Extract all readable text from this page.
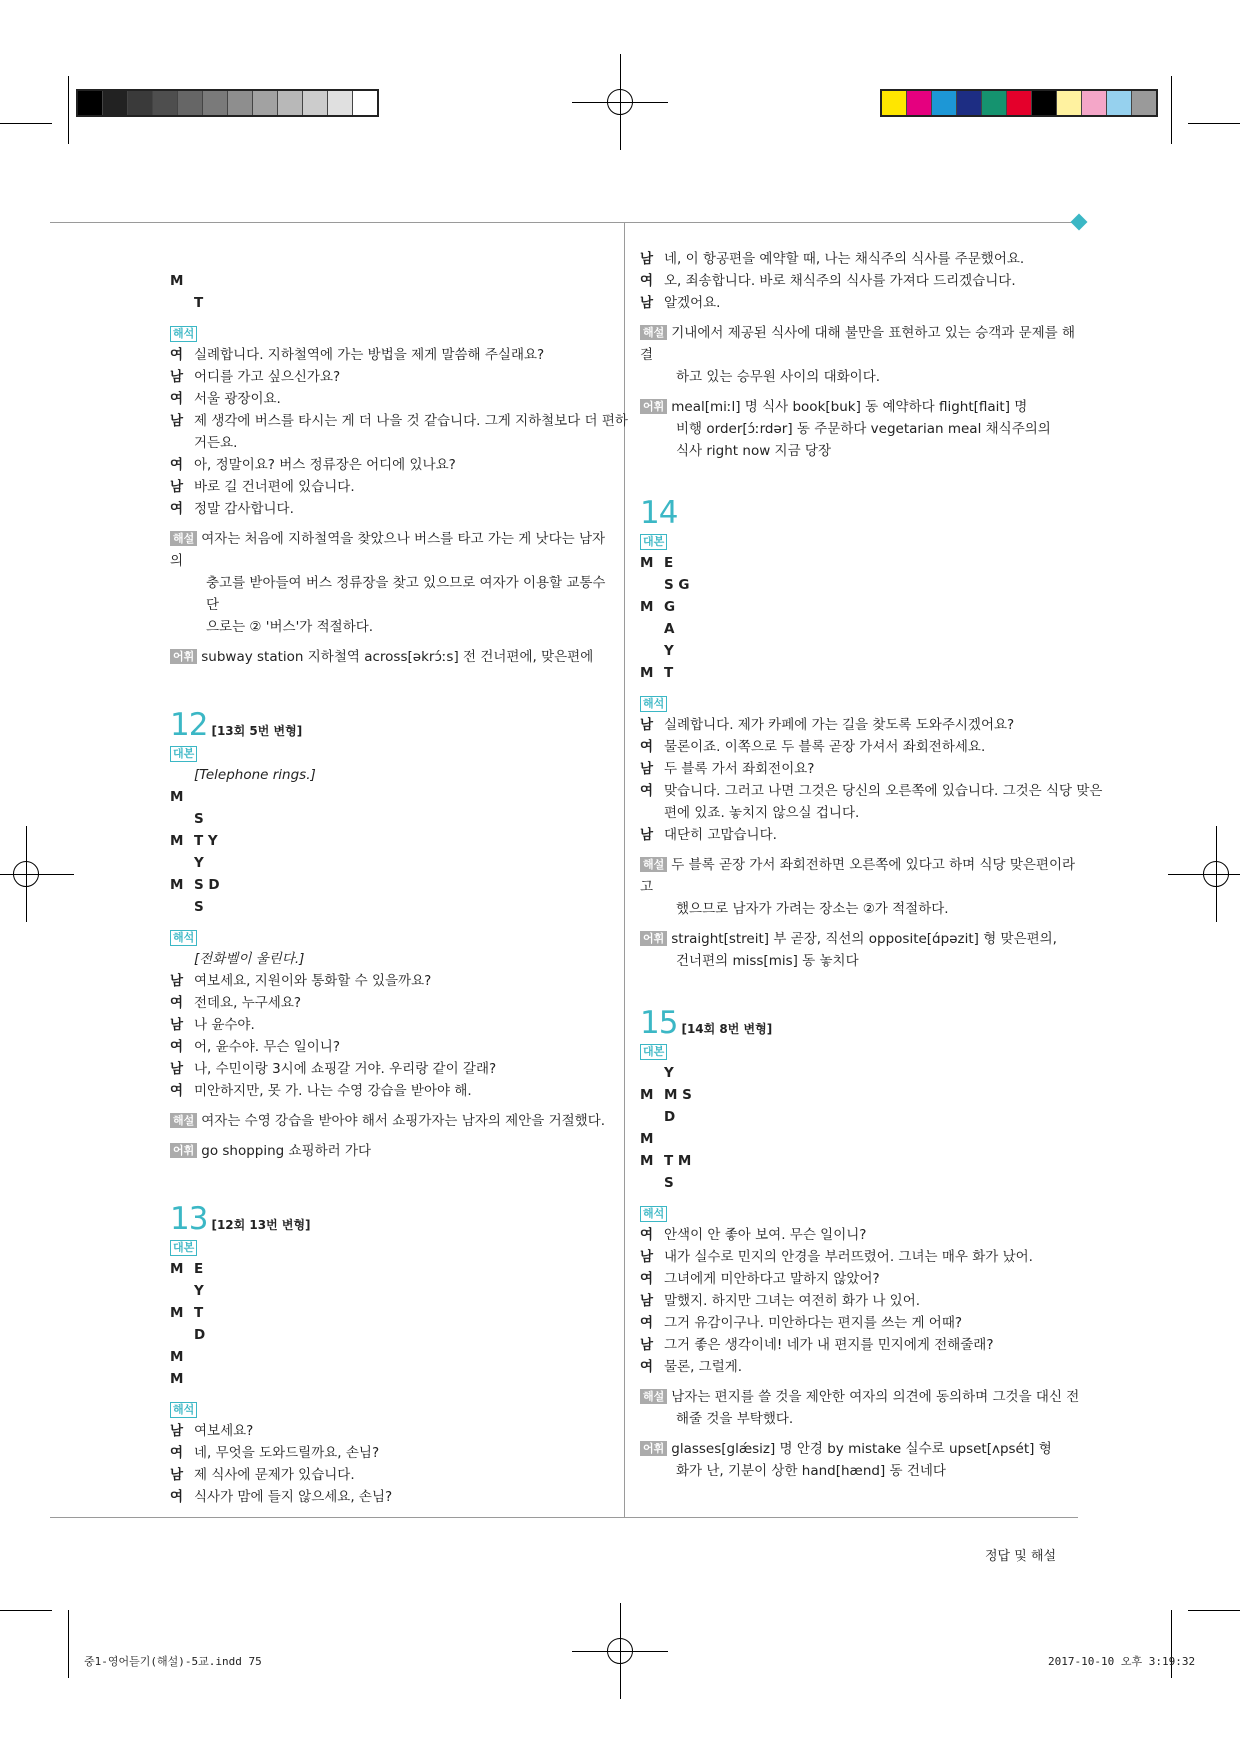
M
T
해석
여 실례합니다. 지하철역에 가는 방법을 제게 말씀해 주실래요?
남 어디를 가고 싶으신가요?
여 서울 광장이요.
남 제 생각에 버스를 타시는 게 더 나을 것 같습니다. 그게 지하철보다 더 편하
거든요.
여 아, 정말이요? 버스 정류장은 어디에 있나요?
남 바로 길 건너편에 있습니다.
여 정말 감사합니다.
해설 여자는 처음에 지하철역을 찾았으나 버스를 타고 가는 게 낫다는 남자의
충고를 받아들여 버스 정류장을 찾고 있으므로 여자가 이용할 교통수단
으로는 ② '버스'가 적절하다.
어휘 subway station 지하철역 across[əkrɔ́ːs] 전 건너편에, 맞은편에
12 [13회 5번 변형]
대본
[Telephone rings.]
M
S
M T Y
Y
M S D
S
해석
[전화벨이 울린다.]
남 여보세요, 지원이와 통화할 수 있을까요?
여 전데요, 누구세요?
남 나 윤수야.
여 어, 윤수야. 무슨 일이니?
남 나, 수민이랑 3시에 쇼핑갈 거야. 우리랑 같이 갈래?
여 미안하지만, 못 가. 나는 수영 강습을 받아야 해.
해설 여자는 수영 강습을 받아야 해서 쇼핑가자는 남자의 제안을 거절했다.
어휘 go shopping 쇼핑하러 가다
13 [12회 13번 변형]
대본
M E
Y
M T
D
M
M
해석
남 여보세요?
여 네, 무엇을 도와드릴까요, 손님?
남 제 식사에 문제가 있습니다.
여 식사가 맘에 들지 않으세요, 손님?
남 네, 이 항공편을 예약할 때, 나는 채식주의 식사를 주문했어요.
여 오, 죄송합니다. 바로 채식주의 식사를 가져다 드리겠습니다.
남 알겠어요.
해설 기내에서 제공된 식사에 대해 불만을 표현하고 있는 승객과 문제를 해결
하고 있는 승무원 사이의 대화이다.
어휘 meal[miːl] 명 식사 book[buk] 동 예약하다 flight[flait] 명
비행 order[ɔ́ːrdər] 동 주문하다 vegetarian meal 채식주의의
식사 right now 지금 당장
14
대본
M E
S G
M G
A
Y
M T
해석
남 실례합니다. 제가 카페에 가는 길을 찾도록 도와주시겠어요?
여 물론이죠. 이쪽으로 두 블록 곧장 가셔서 좌회전하세요.
남 두 블록 가서 좌회전이요?
여 맞습니다. 그러고 나면 그것은 당신의 오른쪽에 있습니다. 그것은 식당 맞은
편에 있죠. 놓치지 않으실 겁니다.
남 대단히 고맙습니다.
해설 두 블록 곧장 가서 좌회전하면 오른쪽에 있다고 하며 식당 맞은편이라고
했으므로 남자가 가려는 장소는 ②가 적절하다.
어휘 straight[streit] 부 곧장, 직선의 opposite[ɑ́pəzit] 형 맞은편의,
건너편의 miss[mis] 동 놓치다
15 [14회 8번 변형]
대본
Y
M M S
D
M
M T M
S
해석
여 안색이 안 좋아 보여. 무슨 일이니?
남 내가 실수로 민지의 안경을 부러뜨렸어. 그녀는 매우 화가 났어.
여 그녀에게 미안하다고 말하지 않았어?
남 말했지. 하지만 그녀는 여전히 화가 나 있어.
여 그거 유감이구나. 미안하다는 편지를 쓰는 게 어때?
남 그거 좋은 생각이네! 네가 내 편지를 민지에게 전해줄래?
여 물론, 그럴게.
해설 남자는 편지를 쓸 것을 제안한 여자의 의견에 동의하며 그것을 대신 전
해줄 것을 부탁했다.
어휘 glasses[glǽsiz] 명 안경 by mistake 실수로 upset[ʌpsét] 형
화가 난, 기분이 상한 hand[hænd] 동 건네다
정답 및 해설
중1-영어듣기(해설)-5교.indd 75	2017-10-10 오후 3:19:32
